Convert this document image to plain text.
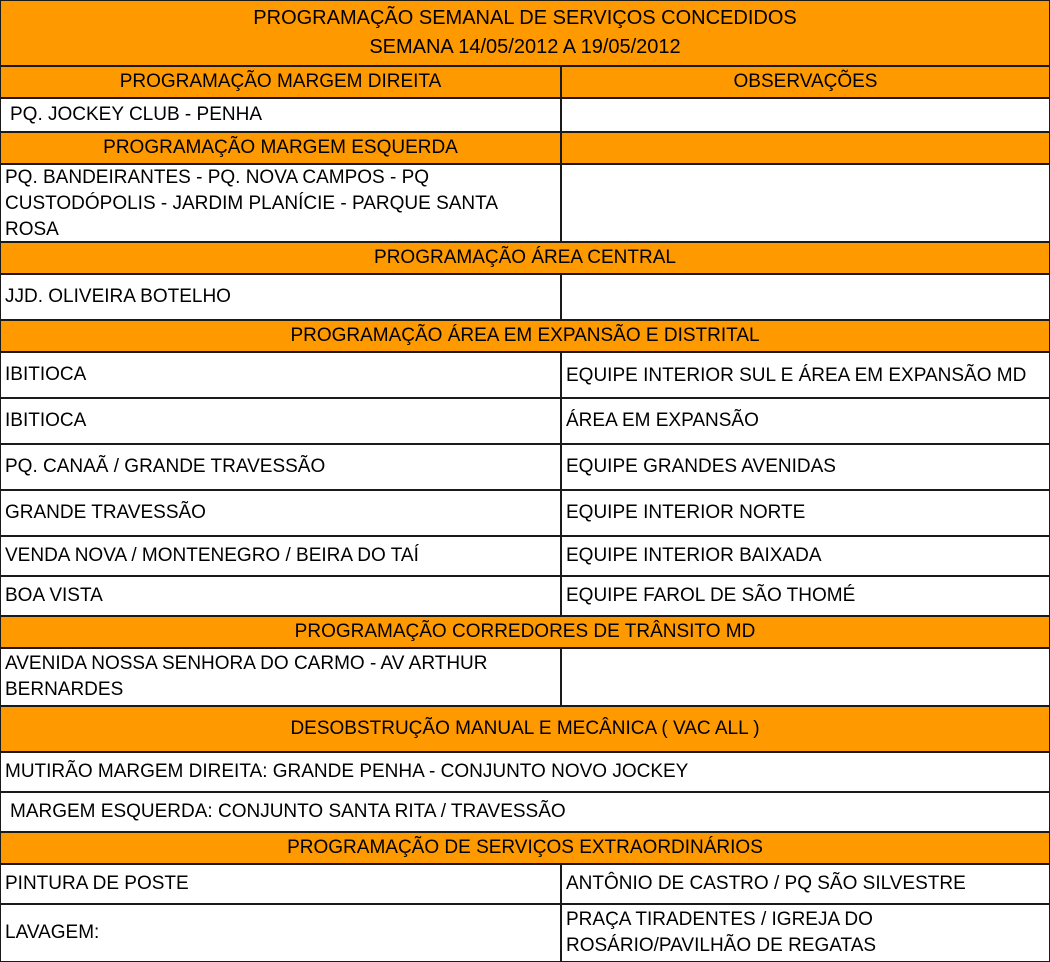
PROGRAMAÇÃO SEMANAL DE SERVIÇOS CONCEDIDOS
SEMANA 14/05/2012 A 19/05/2012
PROGRAMAÇÃO MARGEM DIREITA	OBSERVAÇÕES
PQ. JOCKEY CLUB - PENHA
PROGRAMAÇÃO MARGEM ESQUERDA
PQ. BANDEIRANTES - PQ. NOVA CAMPOS - PQ CUSTODÓPOLIS - JARDIM PLANÍCIE - PARQUE SANTA ROSA
PROGRAMAÇÃO ÁREA CENTRAL
JJD. OLIVEIRA BOTELHO
PROGRAMAÇÃO ÁREA EM EXPANSÃO E DISTRITAL
IBITIOCA	EQUIPE INTERIOR SUL E ÁREA EM EXPANSÃO MD
IBITIOCA	ÁREA EM EXPANSÃO
PQ. CANAÃ / GRANDE TRAVESSÃO	EQUIPE GRANDES AVENIDAS
GRANDE TRAVESSÃO	EQUIPE INTERIOR NORTE
VENDA NOVA / MONTENEGRO / BEIRA DO TAÍ	EQUIPE INTERIOR BAIXADA
BOA VISTA	EQUIPE FAROL DE SÃO THOMÉ
PROGRAMAÇÃO CORREDORES DE TRÂNSITO MD
AVENIDA NOSSA SENHORA DO CARMO - AV ARTHUR BERNARDES
DESOBSTRUÇÃO MANUAL E MECÂNICA ( VAC ALL )
MUTIRÃO MARGEM DIREITA: GRANDE PENHA - CONJUNTO NOVO JOCKEY
MARGEM ESQUERDA: CONJUNTO SANTA RITA / TRAVESSÃO
PROGRAMAÇÃO DE SERVIÇOS EXTRAORDINÁRIOS
PINTURA DE POSTE	ANTÔNIO DE CASTRO / PQ SÃO SILVESTRE
LAVAGEM:
PRAÇA TIRADENTES / IGREJA DO ROSÁRIO/PAVILHÃO DE REGATAS
